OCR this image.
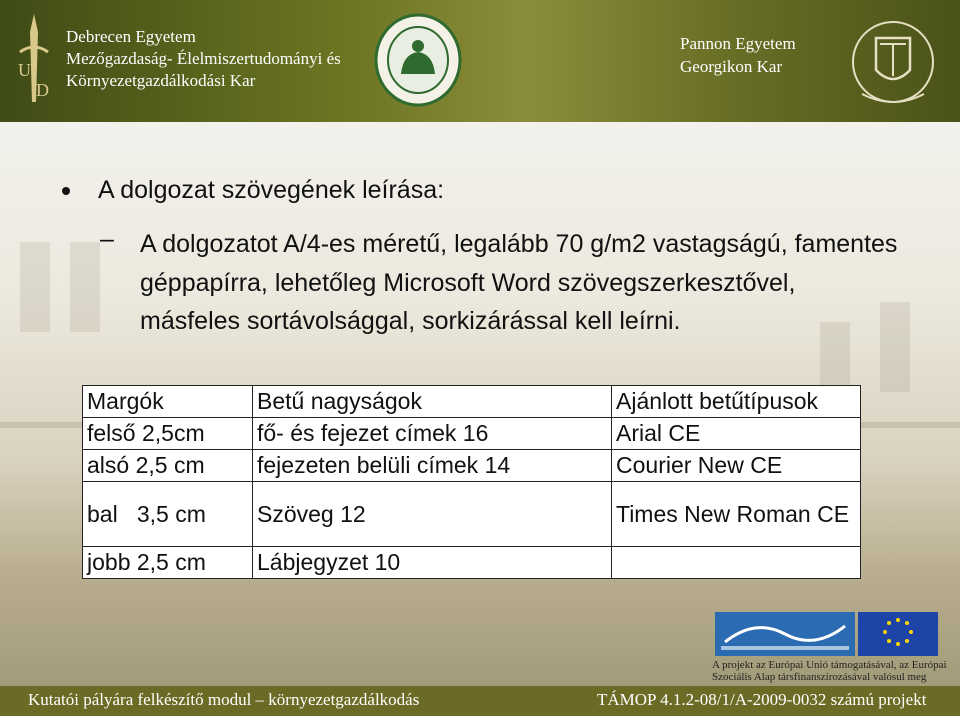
U
D
Debrecen Egyetem
Mezőgazdaság- Élelmiszertudományi és
Környezetgazdálkodási Kar
Pannon Egyetem
Georgikon Kar
A dolgozat szövegének leírása:
– A dolgozatot A/4-es méretű, legalább 70 g/m2 vastagságú, famentes géppapírra, lehetőleg Microsoft Word szövegszerkesztővel, másfeles sortávolsággal, sorkizárással kell leírni.
Margók	Betű nagyságok	Ajánlott betűtípusok
felső 2,5cm	fő- és fejezet címek 16	Arial CE
alsó 2,5 cm	fejezeten belüli címek 14	Courier New CE
bal   3,5 cm	Szöveg 12	Times New Roman CE
jobb 2,5 cm	Lábjegyzet 10	
A projekt az Európai Unió támogatásával, az Európai
Szociális Alap társfinanszírozásával valósul meg
Kutatói pályára felkészítő modul – környezetgazdálkodás	TÁMOP 4.1.2-08/1/A-2009-0032 számú projekt
